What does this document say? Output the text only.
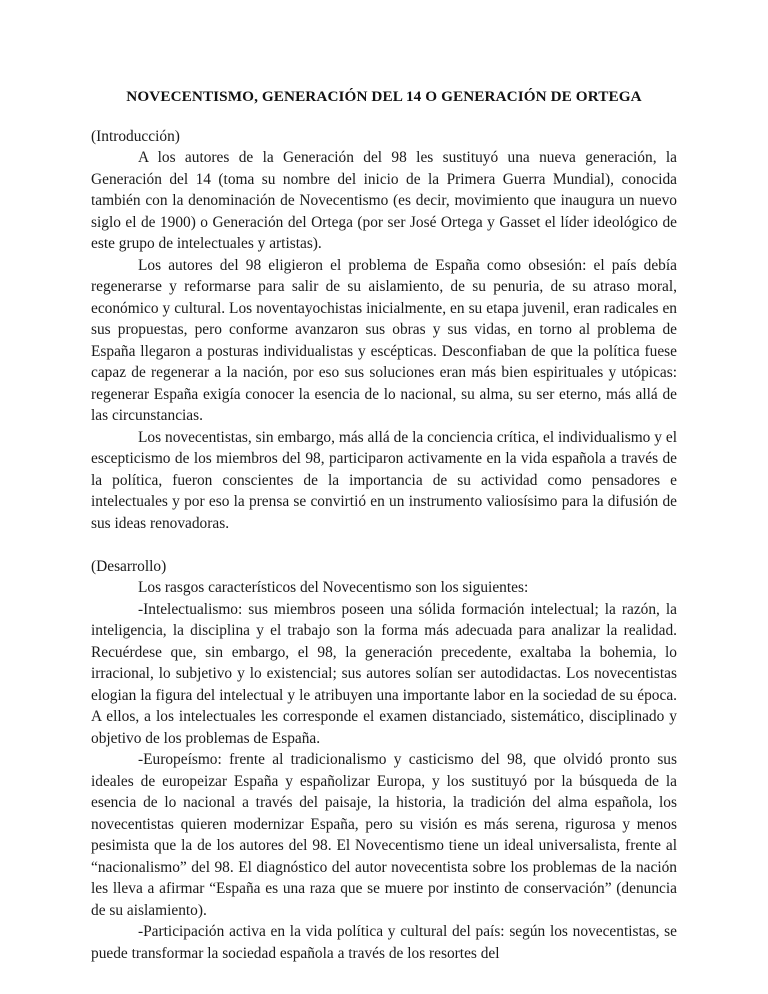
NOVECENTISMO, GENERACIÓN DEL 14 O GENERACIÓN DE ORTEGA

(Introducción)

A los autores de la Generación del 98 les sustituyó una nueva generación, la Generación del 14 (toma su nombre del inicio de la Primera Guerra Mundial), conocida también con la denominación de Novecentismo (es decir, movimiento que inaugura un nuevo siglo el de 1900) o Generación del Ortega (por ser José Ortega y Gasset el líder ideológico de este grupo de intelectuales y artistas).

Los autores del 98 eligieron el problema de España como obsesión: el país debía regenerarse y reformarse para salir de su aislamiento, de su penuria, de su atraso moral, económico y cultural. Los noventayochistas inicialmente, en su etapa juvenil, eran radicales en sus propuestas, pero conforme avanzaron sus obras y sus vidas, en torno al problema de España llegaron a posturas individualistas y escépticas. Desconfiaban de que la política fuese capaz de regenerar a la nación, por eso sus soluciones eran más bien espirituales y utópicas: regenerar España exigía conocer la esencia de lo nacional, su alma, su ser eterno, más allá de las circunstancias.

Los novecentistas, sin embargo, más allá de la conciencia crítica, el individualismo y el escepticismo de los miembros del 98, participaron activamente en la vida española a través de la política, fueron conscientes de la importancia de su actividad como pensadores e intelectuales y por eso la prensa se convirtió en un instrumento valiosísimo para la difusión de sus ideas renovadoras.

(Desarrollo)

Los rasgos característicos del Novecentismo son los siguientes:

-Intelectualismo: sus miembros poseen una sólida formación intelectual; la razón, la inteligencia, la disciplina y el trabajo son la forma más adecuada para analizar la realidad. Recuérdese que, sin embargo, el 98, la generación precedente, exaltaba la bohemia, lo irracional, lo subjetivo y lo existencial; sus autores solían ser autodidactas. Los novecentistas elogian la figura del intelectual y le atribuyen una importante labor en la sociedad de su época. A ellos, a los intelectuales les corresponde el examen distanciado, sistemático, disciplinado y objetivo de los problemas de España.

-Europeísmo: frente al tradicionalismo y casticismo del 98, que olvidó pronto sus ideales de europeizar España y españolizar Europa, y los sustituyó por la búsqueda de la esencia de lo nacional a través del paisaje, la historia, la tradición del alma española, los novecentistas quieren modernizar España, pero su visión es más serena, rigurosa y menos pesimista que la de los autores del 98. El Novecentismo tiene un ideal universalista, frente al “nacionalismo” del 98. El diagnóstico del autor novecentista sobre los problemas de la nación les lleva a afirmar “España es una raza que se muere por instinto de conservación” (denuncia de su aislamiento).

-Participación activa en la vida política y cultural del país: según los novecentistas, se puede transformar la sociedad española a través de los resortes del
